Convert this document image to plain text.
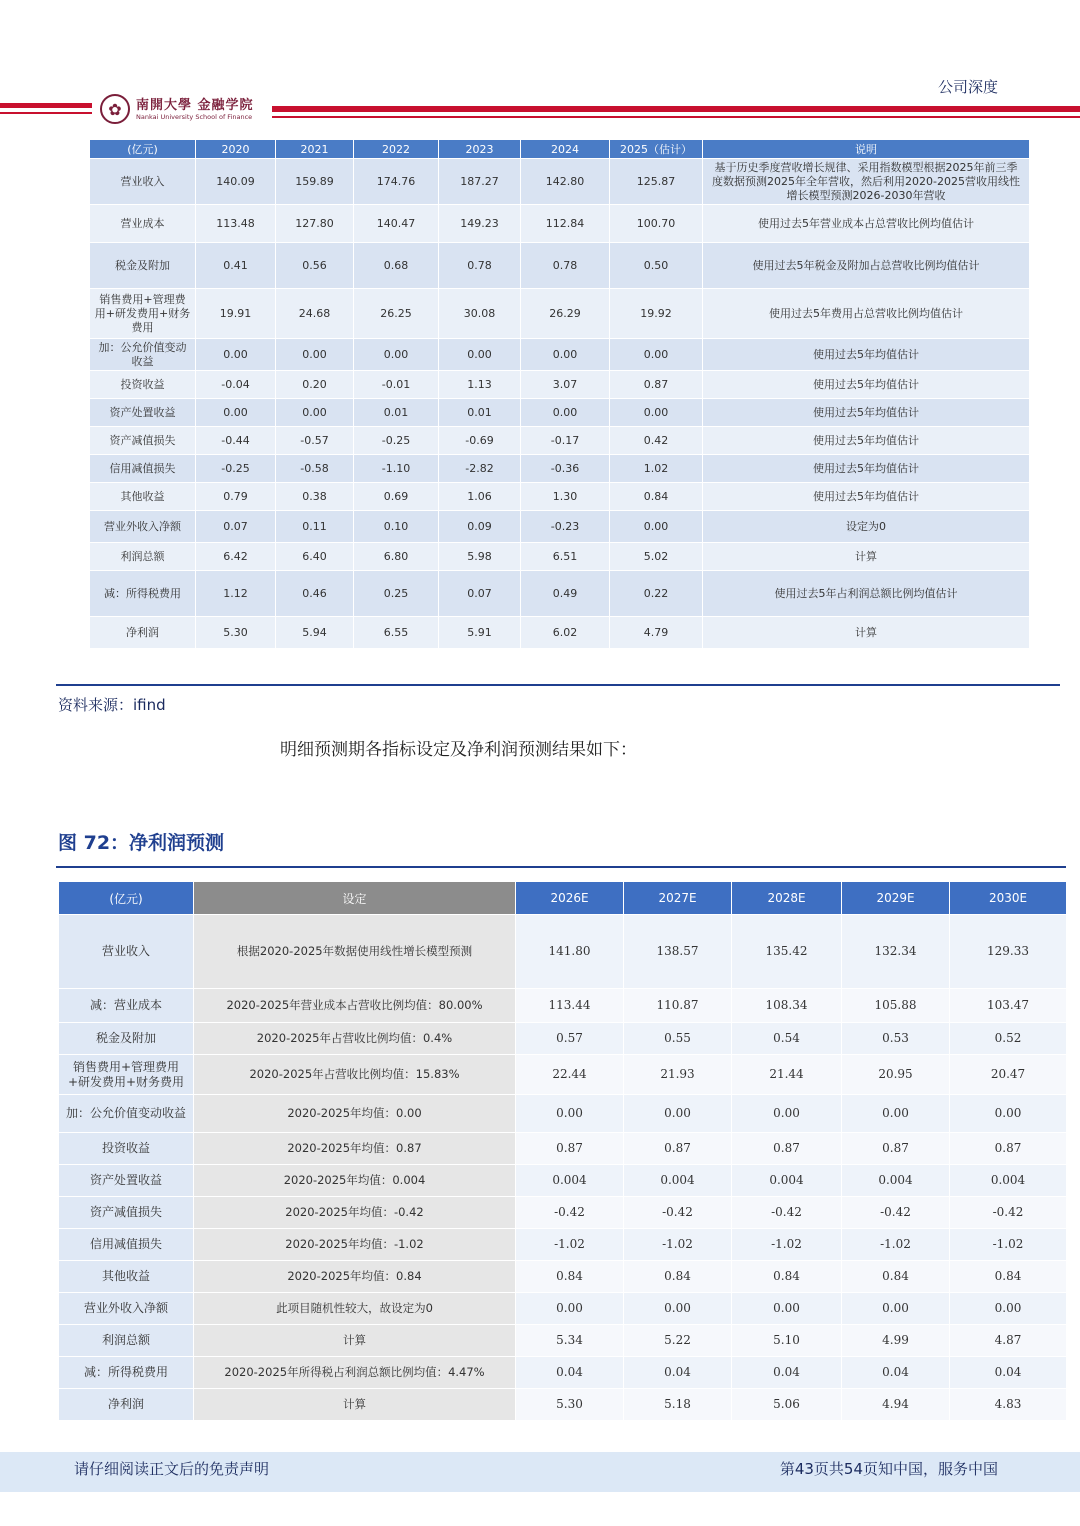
公司深度
✿	南開大學 金融学院
Nankai University School of Finance
(亿元)	2020	2021	2022	2023	2024	2025（估计）	说明
营业收入	140.09	159.89	174.76	187.27	142.80	125.87	基于历史季度营收增长规律、采用指数模型根据2025年前三季度数据预测2025年全年营收，然后利用2020-2025营收用线性增长模型预测2026-2030年营收
营业成本	113.48	127.80	140.47	149.23	112.84	100.70	使用过去5年营业成本占总营收比例均值估计
税金及附加	0.41	0.56	0.68	0.78	0.78	0.50	使用过去5年税金及附加占总营收比例均值估计
销售费用+管理费用+研发费用+财务费用	19.91	24.68	26.25	30.08	26.29	19.92	使用过去5年费用占总营收比例均值估计
加：公允价值变动收益	0.00	0.00	0.00	0.00	0.00	0.00	使用过去5年均值估计
投资收益	-0.04	0.20	-0.01	1.13	3.07	0.87	使用过去5年均值估计
资产处置收益	0.00	0.00	0.01	0.01	0.00	0.00	使用过去5年均值估计
资产减值损失	-0.44	-0.57	-0.25	-0.69	-0.17	0.42	使用过去5年均值估计
信用减值损失	-0.25	-0.58	-1.10	-2.82	-0.36	1.02	使用过去5年均值估计
其他收益	0.79	0.38	0.69	1.06	1.30	0.84	使用过去5年均值估计
营业外收入净额	0.07	0.11	0.10	0.09	-0.23	0.00	设定为0
利润总额	6.42	6.40	6.80	5.98	6.51	5.02	计算
减：所得税费用	1.12	0.46	0.25	0.07	0.49	0.22	使用过去5年占利润总额比例均值估计
净利润	5.30	5.94	6.55	5.91	6.02	4.79	计算
资料来源：ifind
明细预测期各指标设定及净利润预测结果如下：
图 72：净利润预测
(亿元)	设定	2026E	2027E	2028E	2029E	2030E
营业收入	根据2020-2025年数据使用线性增长模型预测	141.80	138.57	135.42	132.34	129.33
减：营业成本	2020-2025年营业成本占营收比例均值：80.00%	113.44	110.87	108.34	105.88	103.47
税金及附加	2020-2025年占营收比例均值：0.4%	0.57	0.55	0.54	0.53	0.52
销售费用+管理费用+研发费用+财务费用	2020-2025年占营收比例均值：15.83%	22.44	21.93	21.44	20.95	20.47
加：公允价值变动收益	2020-2025年均值：0.00	0.00	0.00	0.00	0.00	0.00
投资收益	2020-2025年均值：0.87	0.87	0.87	0.87	0.87	0.87
资产处置收益	2020-2025年均值：0.004	0.004	0.004	0.004	0.004	0.004
资产减值损失	2020-2025年均值：-0.42	-0.42	-0.42	-0.42	-0.42	-0.42
信用减值损失	2020-2025年均值：-1.02	-1.02	-1.02	-1.02	-1.02	-1.02
其他收益	2020-2025年均值：0.84	0.84	0.84	0.84	0.84	0.84
营业外收入净额	此项目随机性较大，故设定为0	0.00	0.00	0.00	0.00	0.00
利润总额	计算	5.34	5.22	5.10	4.99	4.87
减：所得税费用	2020-2025年所得税占利润总额比例均值：4.47%	0.04	0.04	0.04	0.04	0.04
净利润	计算	5.30	5.18	5.06	4.94	4.83
请仔细阅读正文后的免责声明	第43页共54页知中国，服务中国
